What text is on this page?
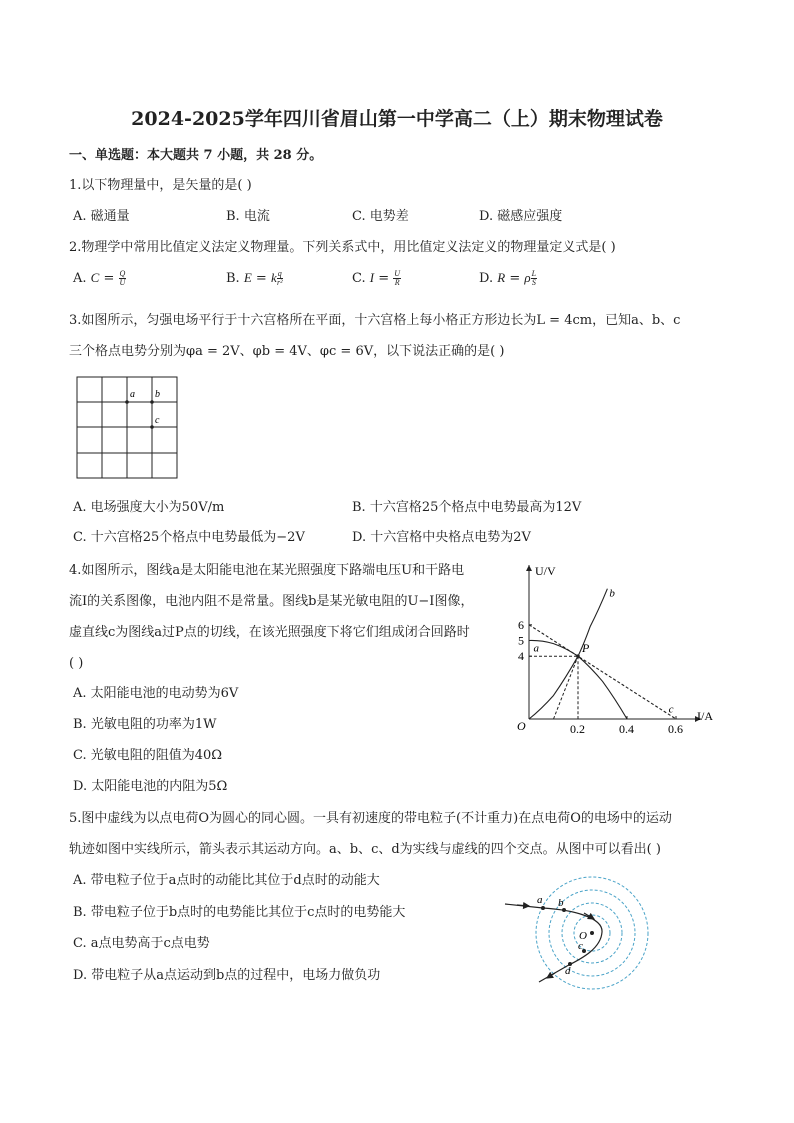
2024-2025学年四川省眉山第一中学高二（上）期末物理试卷
一、单选题：本大题共 7 小题，共 28 分。
1.以下物理量中，是矢量的是( )
A. 磁通量	B. 电流	C. 电势差	D. 磁感应强度
2.物理学中常用比值定义法定义物理量。下列关系式中，用比值定义法定义的物理量定义式是( )
A. $C = \frac{Q}{U}$	B. E = k $\frac{q}{\text{r²}}$	C. $I = \frac{U}{R}$	D. R = ρ $\frac{L}{S}$
3.如图所示，匀强电场平行于十六宫格所在平面，十六宫格上每小格正方形边长为L = 4cm，已知a、b、c
三个格点电势分别为φa = 2V、φb = 4V、φc = 6V，以下说法正确的是( )
a b
c
A. 电场强度大小为50V/m	B. 十六宫格25个格点中电势最高为12V
C. 十六宫格25个格点中电势最低为−2V	D. 十六宫格中央格点电势为2V
4.如图所示，图线a是太阳能电池在某光照强度下路端电压U和干路电
流I的关系图像，电池内阻不是常量。图线b是某光敏电阻的U−I图像，
虚直线c为图线a过P点的切线，在该光照强度下将它们组成闭合回路时
( )
A. 太阳能电池的电动势为6V
B. 光敏电阻的功率为1W
C. 光敏电阻的阻值为40Ω
D. 太阳能电池的内阻为5Ω
U/V
I/A
O	0.2	0.4	0.6
4
5
6
a
b
c
P
5.图中虚线为以点电荷O为圆心的同心圆。一具有初速度的带电粒子(不计重力)在点电荷O的电场中的运动
轨迹如图中实线所示，箭头表示其运动方向。a、b、c、d为实线与虚线的四个交点。从图中可以看出( )
A. 带电粒子位于a点时的动能比其位于d点时的动能大
B. 带电粒子位于b点时的电势能比其位于c点时的电势能大
C. a点电势高于c点电势
D. 带电粒子从a点运动到b点的过程中，电场力做负功
a b
O
c
d
